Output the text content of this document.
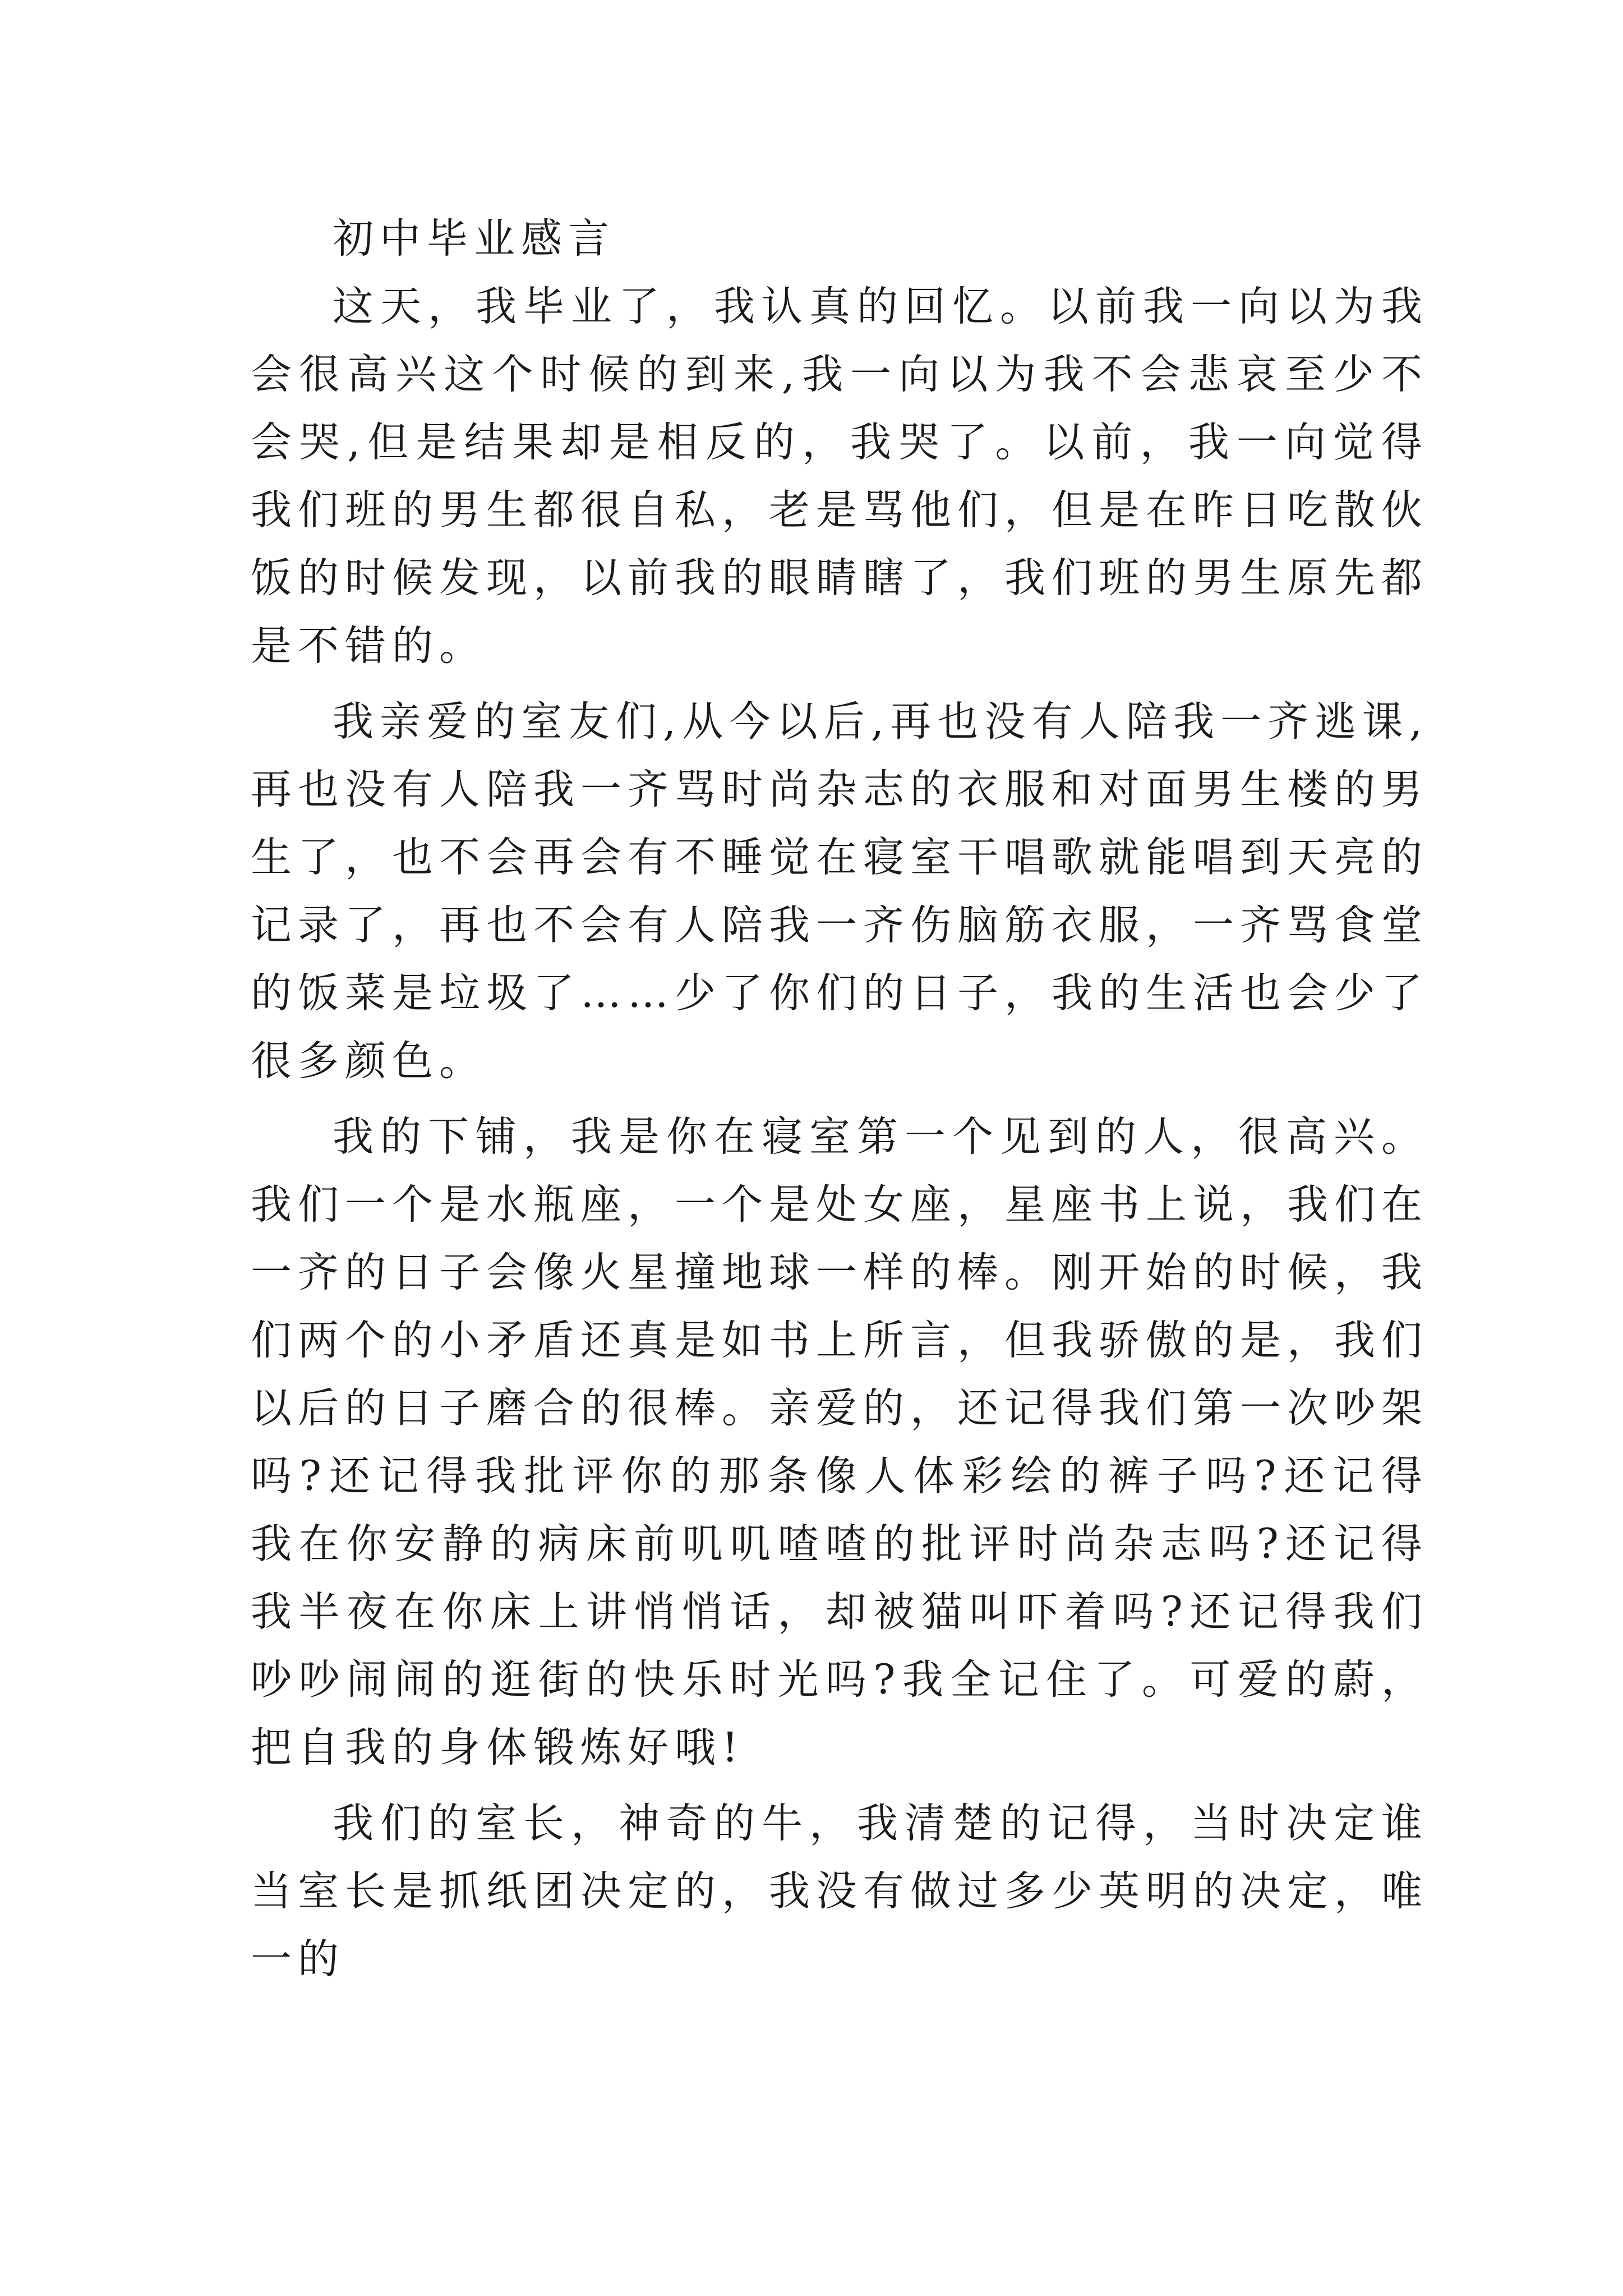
初中毕业感言

这天，我毕业了，我认真的回忆。以前我一向以为我会很高兴这个时候的到来,我一向以为我不会悲哀至少不会哭,但是结果却是相反的，我哭了。以前，我一向觉得我们班的男生都很自私，老是骂他们，但是在昨日吃散伙饭的时候发现，以前我的眼睛瞎了，我们班的男生原先都是不错的。

我亲爱的室友们,从今以后,再也没有人陪我一齐逃课,再也没有人陪我一齐骂时尚杂志的衣服和对面男生楼的男生了，也不会再会有不睡觉在寝室干唱歌就能唱到天亮的记录了，再也不会有人陪我一齐伤脑筋衣服，一齐骂食堂的饭菜是垃圾了……少了你们的日子，我的生活也会少了很多颜色。

我的下铺，我是你在寝室第一个见到的人，很高兴。我们一个是水瓶座，一个是处女座，星座书上说，我们在一齐的日子会像火星撞地球一样的棒。刚开始的时候，我们两个的小矛盾还真是如书上所言，但我骄傲的是，我们以后的日子磨合的很棒。亲爱的，还记得我们第一次吵架吗?还记得我批评你的那条像人体彩绘的裤子吗?还记得我在你安静的病床前叽叽喳喳的批评时尚杂志吗?还记得我半夜在你床上讲悄悄话，却被猫叫吓着吗?还记得我们吵吵闹闹的逛街的快乐时光吗?我全记住了。可爱的蔚，把自我的身体锻炼好哦!

我们的室长，神奇的牛，我清楚的记得，当时决定谁当室长是抓纸团决定的，我没有做过多少英明的决定，唯一的
